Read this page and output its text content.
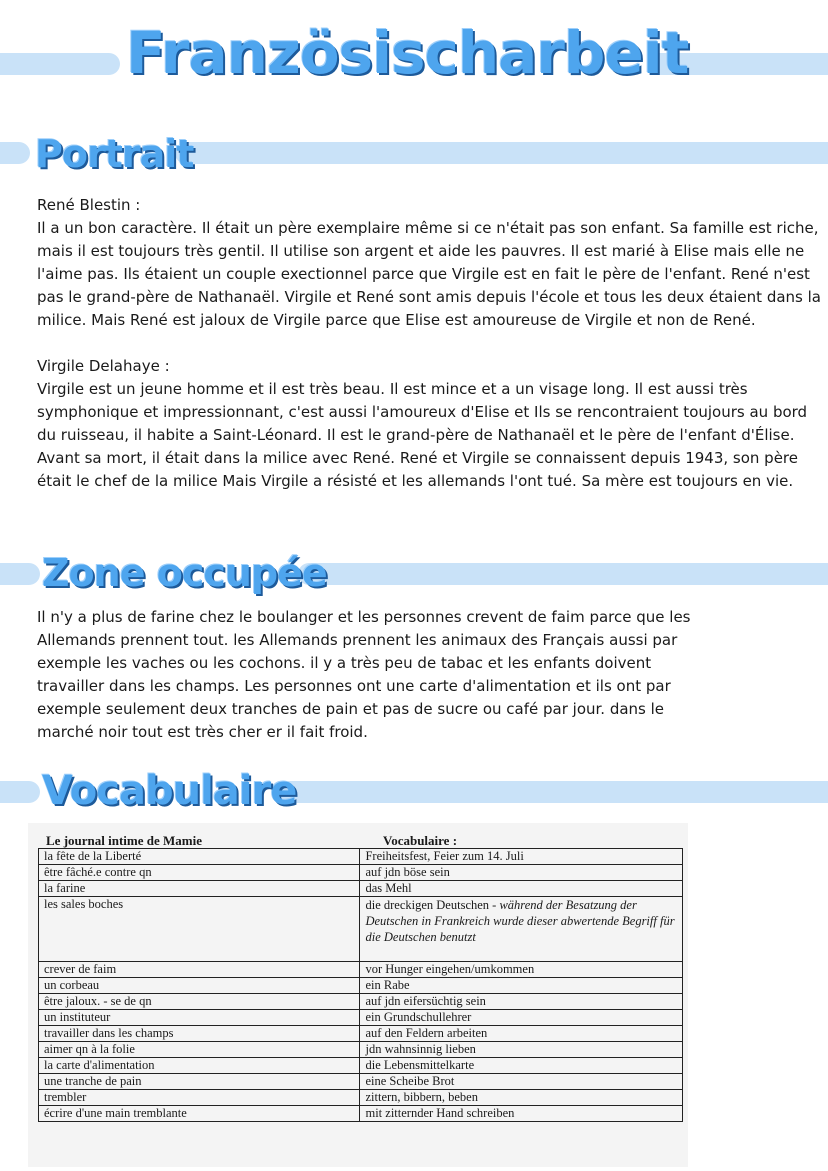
Französischarbeit
Portrait

René Blestin :

Il a un bon caractère. Il était un père exemplaire même si ce n'était pas son enfant. Sa famille est riche, mais il est toujours très gentil. Il utilise son argent et aide les pauvres. Il est marié à Elise mais elle ne l'aime pas. Ils étaient un couple exectionnel parce que Virgile est en fait le père de l'enfant. René n'est pas le grand-père de Nathanaël. Virgile et René sont amis depuis l'école et tous les deux étaient dans la milice. Mais René est jaloux de Virgile parce que Elise est amoureuse de Virgile et non de René.

Virgile Delahaye :

Virgile est un jeune homme et il est très beau. Il est mince et a un visage long. Il est aussi très symphonique et impressionnant, c'est aussi l'amoureux d'Elise et Ils se rencontraient toujours au bord du ruisseau, il habite a Saint-Léonard. Il est le grand-père de Nathanaël et le père de l'enfant d'Élise. Avant sa mort, il était dans la milice avec René. René et Virgile se connaissent depuis 1943, son père était le chef de la milice Mais Virgile a résisté et les allemands l'ont tué. Sa mère est toujours en vie.

Zone occupée

Il n'y a plus de farine chez le boulanger et les personnes crevent de faim parce que les Allemands prennent tout. les Allemands prennent les animaux des Français aussi par exemple les vaches ou les cochons. il y a très peu de tabac et les enfants doivent travailler dans les champs. Les personnes ont une carte d'alimentation et ils ont par exemple seulement deux tranches de pain et pas de sucre ou café par jour. dans le marché noir tout est très cher er il fait froid.

Vocabulaire
Le journal intime de Mamie	Vocabulaire :
la fête de la Liberté	Freiheitsfest, Feier zum 14. Juli
être fâché.e contre qn	auf jdn böse sein
la farine	das Mehl
les sales boches	die dreckigen Deutschen - während der Besatzung der Deutschen in Frankreich wurde dieser abwertende Begriff für die Deutschen benutzt
crever de faim	vor Hunger eingehen/umkommen
un corbeau	ein Rabe
être jaloux. - se de qn	auf jdn eifersüchtig sein
un instituteur	ein Grundschullehrer
travailler dans les champs	auf den Feldern arbeiten
aimer qn à la folie	jdn wahnsinnig lieben
la carte d'alimentation	die Lebensmittelkarte
une tranche de pain	eine Scheibe Brot
trembler	zittern, bibbern, beben
écrire d'une main tremblante	mit zitternder Hand schreiben
